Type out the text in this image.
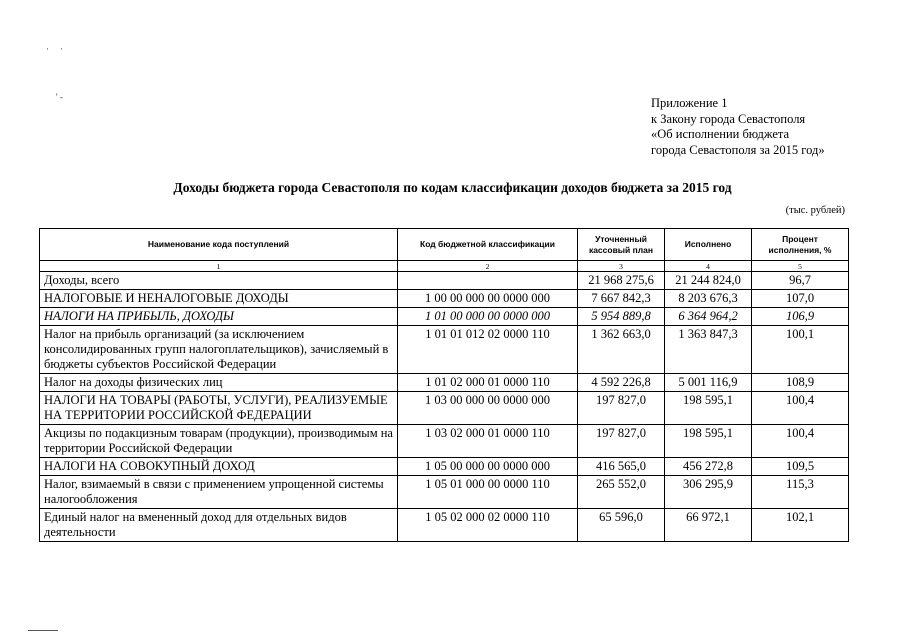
· ·
' -	Приложение 1
к Закону города Севастополя
«Об исполнении бюджета
города Севастополя за 2015 год»
Доходы бюджета города Севастополя по кодам классификации доходов бюджета за 2015 год
(тыс. рублей)
Наименование кода поступлений	Код бюджетной классификации	Уточненный кассовый план	Исполнено	Процент исполнения, %
1	2	3	4	5
Доходы, всего		21 968 275,6	21 244 824,0	96,7
НАЛОГОВЫЕ И НЕНАЛОГОВЫЕ ДОХОДЫ	1 00 00 000 00 0000 000	7 667 842,3	8 203 676,3	107,0
НАЛОГИ НА ПРИБЫЛЬ, ДОХОДЫ	1 01 00 000 00 0000 000	5 954 889,8	6 364 964,2	106,9
Налог на прибыль организаций (за исключением консолидированных групп налогоплательщиков), зачисляемый в бюджеты субъектов Российской Федерации	1 01 01 012 02 0000 110	1 362 663,0	1 363 847,3	100,1
Налог на доходы физических лиц	1 01 02 000 01 0000 110	4 592 226,8	5 001 116,9	108,9
НАЛОГИ НА ТОВАРЫ (РАБОТЫ, УСЛУГИ), РЕАЛИЗУЕМЫЕ НА ТЕРРИТОРИИ РОССИЙСКОЙ ФЕДЕРАЦИИ	1 03 00 000 00 0000 000	197 827,0	198 595,1	100,4
Акцизы по подакцизным товарам (продукции), производимым на территории Российской Федерации	1 03 02 000 01 0000 110	197 827,0	198 595,1	100,4
НАЛОГИ НА СОВОКУПНЫЙ ДОХОД	1 05 00 000 00 0000 000	416 565,0	456 272,8	109,5
Налог, взимаемый в связи с применением упрощенной системы налогообложения	1 05 01 000 00 0000 110	265 552,0	306 295,9	115,3
Единый налог на вмененный доход для отдельных видов деятельности	1 05 02 000 02 0000 110	65 596,0	66 972,1	102,1
